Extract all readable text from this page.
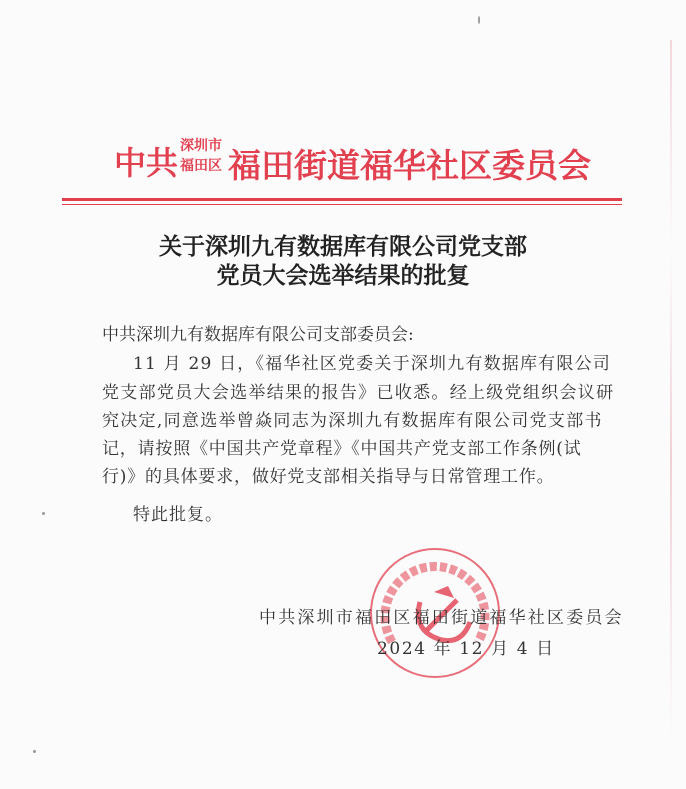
中共 深圳市
福田区 福田街道福华社区委员会
关于深圳九有数据库有限公司党支部
党员大会选举结果的批复
中共深圳九有数据库有限公司支部委员会:
11 月 29 日，《福华社区党委关于深圳九有数据库有限公司
党支部党员大会选举结果的报告》已收悉。经上级党组织会议研
究决定,同意选举曾焱同志为深圳九有数据库有限公司党支部书
记，请按照《中国共产党章程》《中国共产党支部工作条例(试
行)》的具体要求，做好党支部相关指导与日常管理工作。
特此批复。
中共深圳市福田区福田街道福华社区委员会
2024 年 12 月 4 日
